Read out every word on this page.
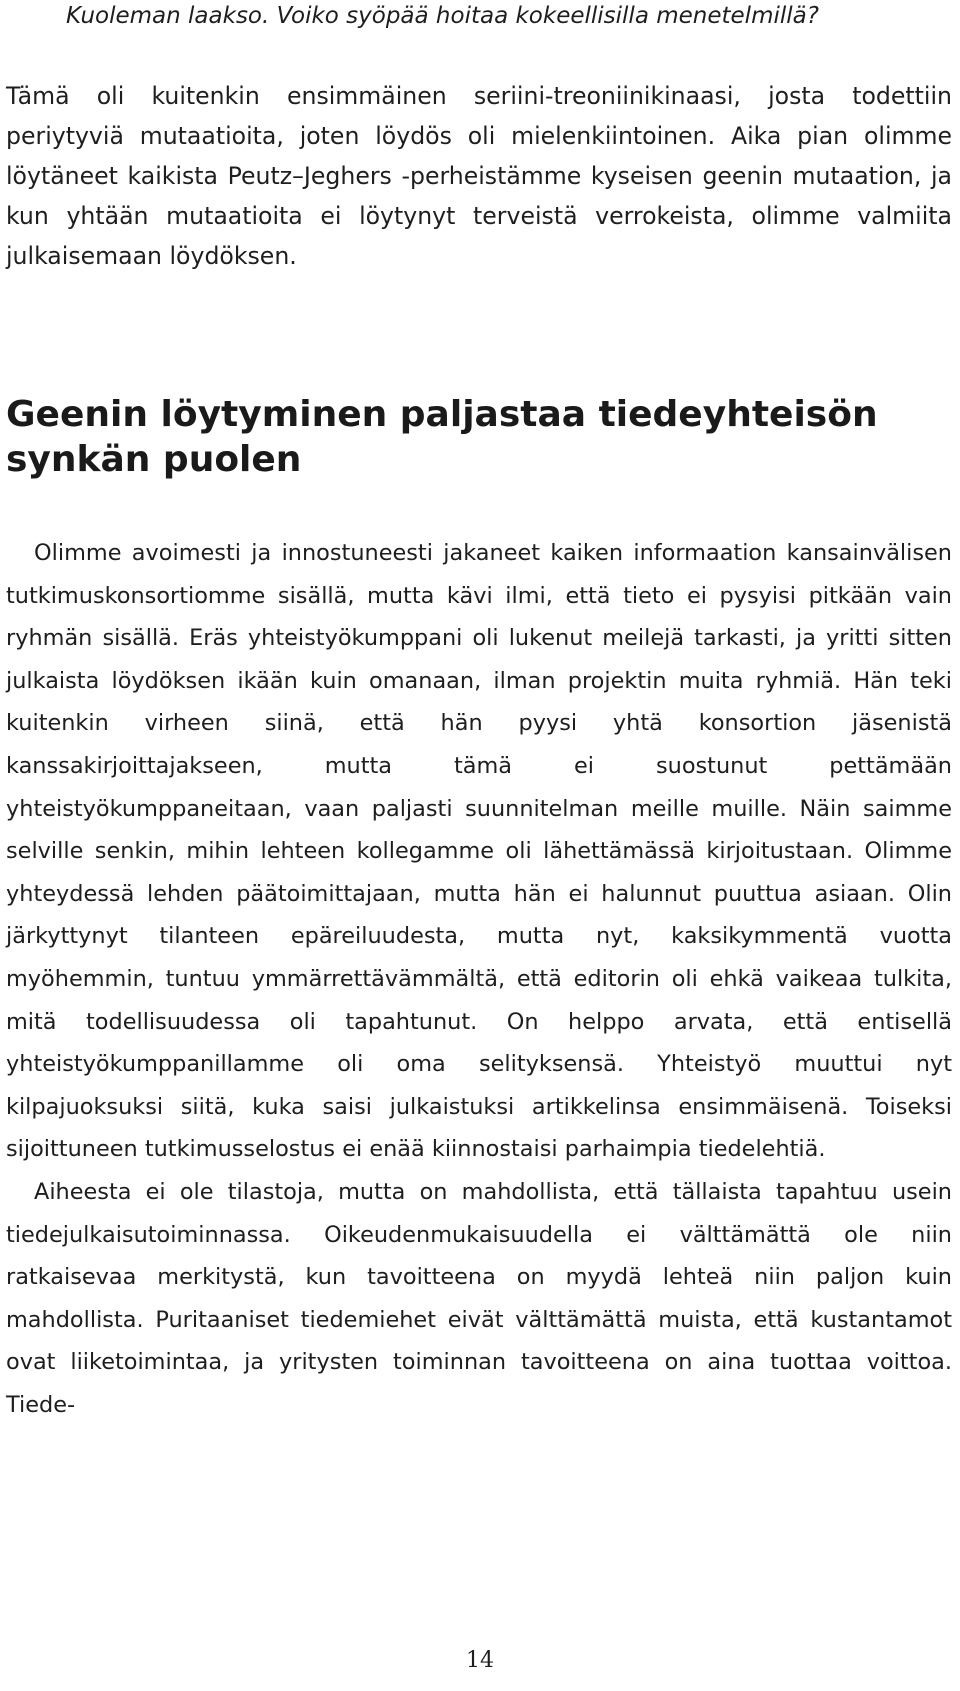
Kuoleman laakso. Voiko syöpää hoitaa kokeellisilla menetelmillä?

Tämä oli kuitenkin ensimmäinen seriini-treoniinikinaasi, josta todettiin periytyviä mutaatioita, joten löydös oli mielenkiintoinen. Aika pian olimme löytäneet kaikista Peutz–Jeghers -perheistämme kyseisen geenin mutaation, ja kun yhtään mutaatioita ei löytynyt terveistä verrokeista, olimme valmiita julkaisemaan löydöksen.

Geenin löytyminen paljastaa tiedeyhteisön synkän puolen

Olimme avoimesti ja innostuneesti jakaneet kaiken informaation kansainvälisen tutkimuskonsortiomme sisällä, mutta kävi ilmi, että tieto ei pysyisi pitkään vain ryhmän sisällä. Eräs yhteistyökumppani oli lukenut meilejä tarkasti, ja yritti sitten julkaista löydöksen ikään kuin omanaan, ilman projektin muita ryhmiä. Hän teki kuitenkin virheen siinä, että hän pyysi yhtä konsortion jäsenistä kanssakirjoittajakseen, mutta tämä ei suostunut pettämään yhteistyökumppaneitaan, vaan paljasti suunnitelman meille muille. Näin saimme selville senkin, mihin lehteen kollegamme oli lähettämässä kirjoitustaan. Olimme yhteydessä lehden päätoimittajaan, mutta hän ei halunnut puuttua asiaan. Olin järkyttynyt tilanteen epäreiluudesta, mutta nyt, kaksikymmentä vuotta myöhemmin, tuntuu ymmärrettävämmältä, että editorin oli ehkä vaikeaa tulkita, mitä todellisuudessa oli tapahtunut. On helppo arvata, että entisellä yhteistyökumppanillamme oli oma selityksensä. Yhteistyö muuttui nyt kilpajuoksuksi siitä, kuka saisi julkaistuksi artikkelinsa ensimmäisenä. Toiseksi sijoittuneen tutkimusselostus ei enää kiinnostaisi parhaimpia tiedelehtiä.

Aiheesta ei ole tilastoja, mutta on mahdollista, että tällaista tapahtuu usein tiedejulkaisutoiminnassa. Oikeudenmukaisuudella ei välttämättä ole niin ratkaisevaa merkitystä, kun tavoitteena on myydä lehteä niin paljon kuin mahdollista. Puritaaniset tiedemiehet eivät välttämättä muista, että kustantamot ovat liiketoimintaa, ja yritysten toiminnan tavoitteena on aina tuottaa voittoa. Tiede-

14
